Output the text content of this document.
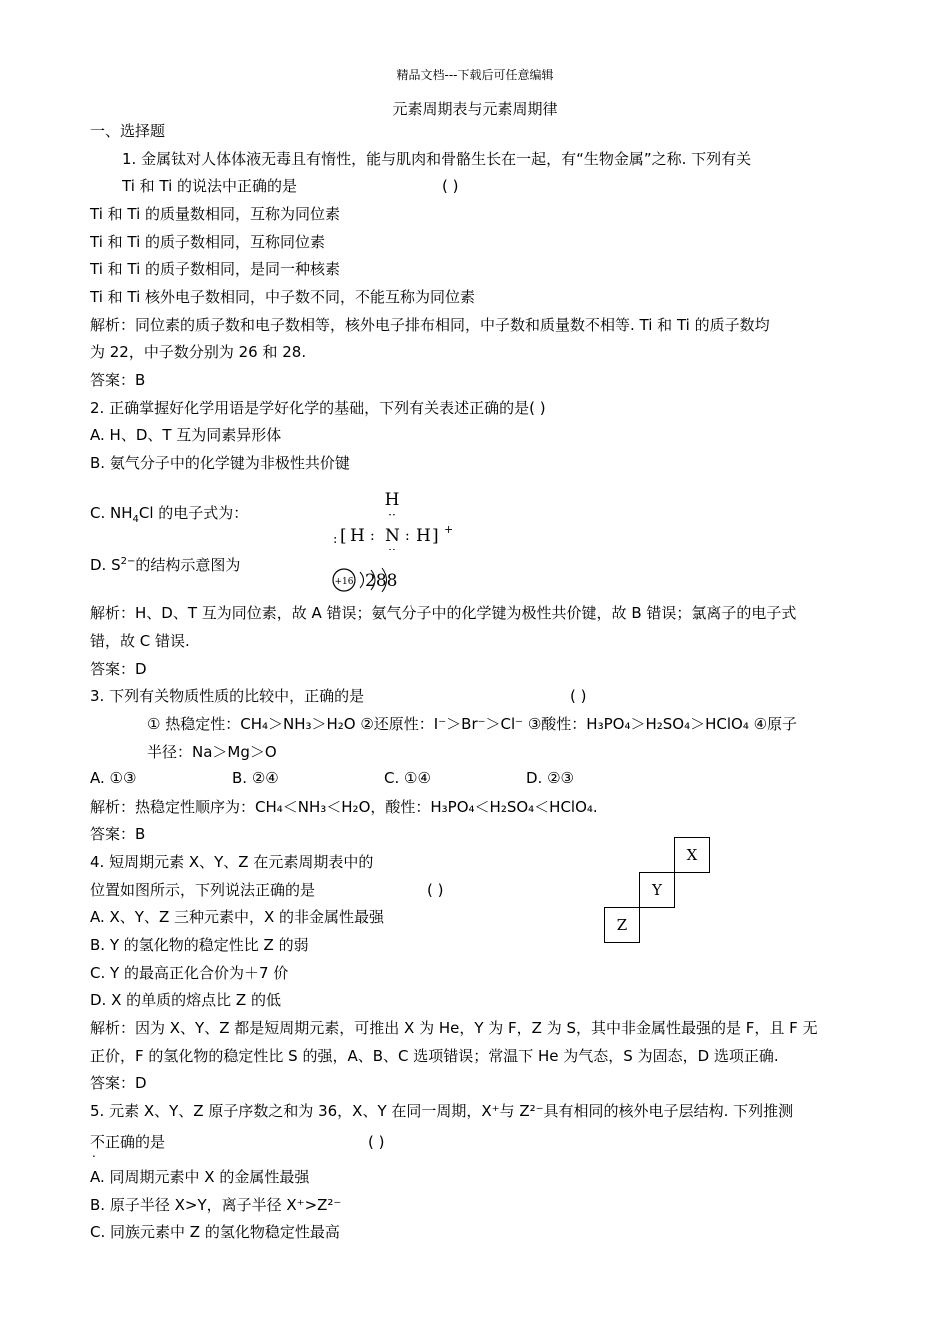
精品文档---下载后可任意编辑
元素周期表与元素周期律
一、选择题
1. 金属钛对人体体液无毒且有惰性，能与肌肉和骨骼生长在一起，有“生物金属”之称. 下列有关
Ti 和 Ti 的说法中正确的是	( )
Ti 和 Ti 的质量数相同，互称为同位素
Ti 和 Ti 的质子数相同，互称同位素
Ti 和 Ti 的质子数相同，是同一种核素
Ti 和 Ti 核外电子数相同，中子数不同，不能互称为同位素
解析：同位素的质子数和电子数相等，核外电子排布相同，中子数和质量数不相等. Ti 和 Ti 的质子数均
为 22，中子数分别为 26 和 28.
答案：B
2. 正确掌握好化学用语是学好化学的基础，下列有关表述正确的是( )
A. H、D、T 互为同素异形体
B. 氨气分子中的化学键为非极性共价键
C. $NH_4Cl$ 的电子式为：
D. $S^{2-}$的结构示意图为
H
··
: [ H : N : H ] +
··
+16 288
解析：H、D、T 互为同位素，故 A 错误；氨气分子中的化学键为极性共价键，故 B 错误；氯离子的电子式
错，故 C 错误.
答案：D
3. 下列有关物质性质的比较中，正确的是	( )
① 热稳定性：CH₄＞NH₃＞H₂O ②还原性：I⁻＞Br⁻＞Cl⁻ ③酸性：H₃PO₄＞H₂SO₄＞HClO₄ ④原子
半径：Na＞Mg＞O
A. ①③	B. ②④	C. ①④	D. ②③
解析：热稳定性顺序为：CH₄＜NH₃＜H₂O，酸性：H₃PO₄＜H₂SO₄＜HClO₄.
答案：B
4. 短周期元素 X、Y、Z 在元素周期表中的
位置如图所示，下列说法正确的是	( )
A. X、Y、Z 三种元素中，X 的非金属性最强
B. Y 的氢化物的稳定性比 Z 的弱
C. Y 的最高正化合价为＋7 价
D. X 的单质的熔点比 Z 的低
X
Y
Z
解析：因为 X、Y、Z 都是短周期元素，可推出 X 为 He，Y 为 F，Z 为 S，其中非金属性最强的是 F，且 F 无
正价，F 的氢化物的稳定性比 S 的强，A、B、C 选项错误；常温下 He 为气态，S 为固态，D 选项正确.
答案：D
5. 元素 X、Y、Z 原子序数之和为 36，X、Y 在同一周期，X⁺与 Z²⁻具有相同的核外电子层结构. 下列推测
不正确的是	( )
A. 同周期元素中 X 的金属性最强
B. 原子半径 X>Y，离子半径 X⁺>Z²⁻
C. 同族元素中 Z 的氢化物稳定性最高
